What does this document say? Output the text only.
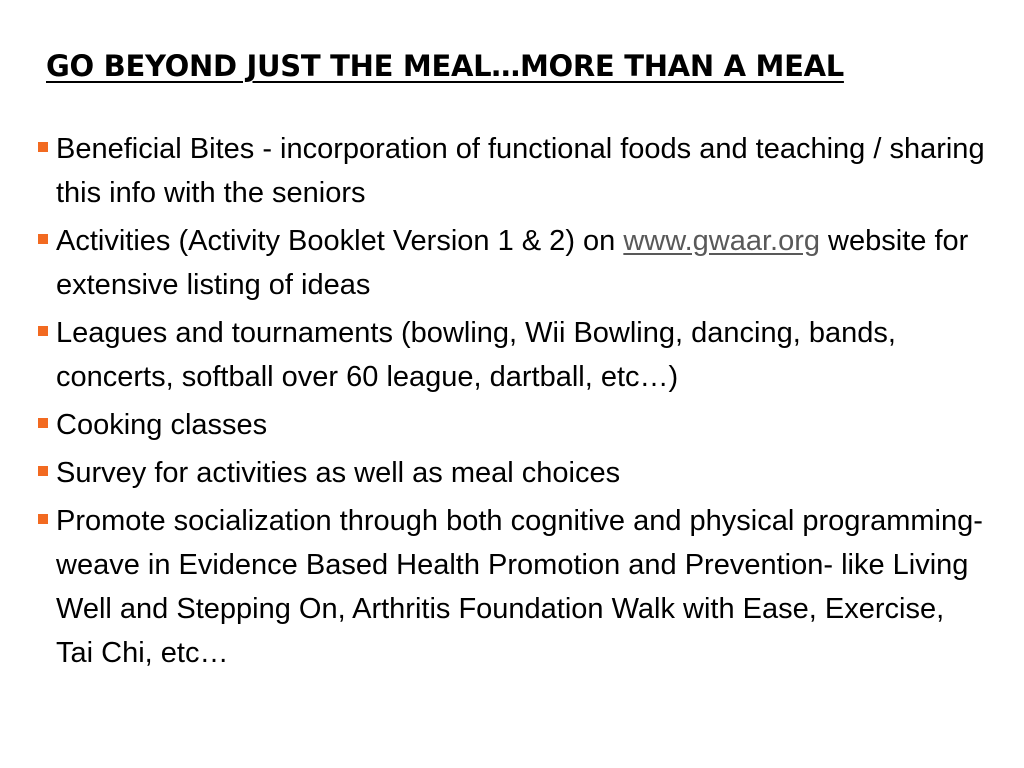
GO BEYOND JUST THE MEAL…MORE THAN A MEAL
Beneficial Bites - incorporation of functional foods and teaching / sharing this info with the seniors
Activities (Activity Booklet Version 1 & 2) on www.gwaar.org website for extensive listing of ideas
Leagues and tournaments (bowling, Wii Bowling, dancing, bands, concerts, softball over 60 league, dartball, etc…)
Cooking classes
Survey for activities as well as meal choices
Promote socialization through both cognitive and physical programming- weave in Evidence Based Health Promotion and Prevention- like Living Well and Stepping On, Arthritis Foundation Walk with Ease, Exercise, Tai Chi, etc…
